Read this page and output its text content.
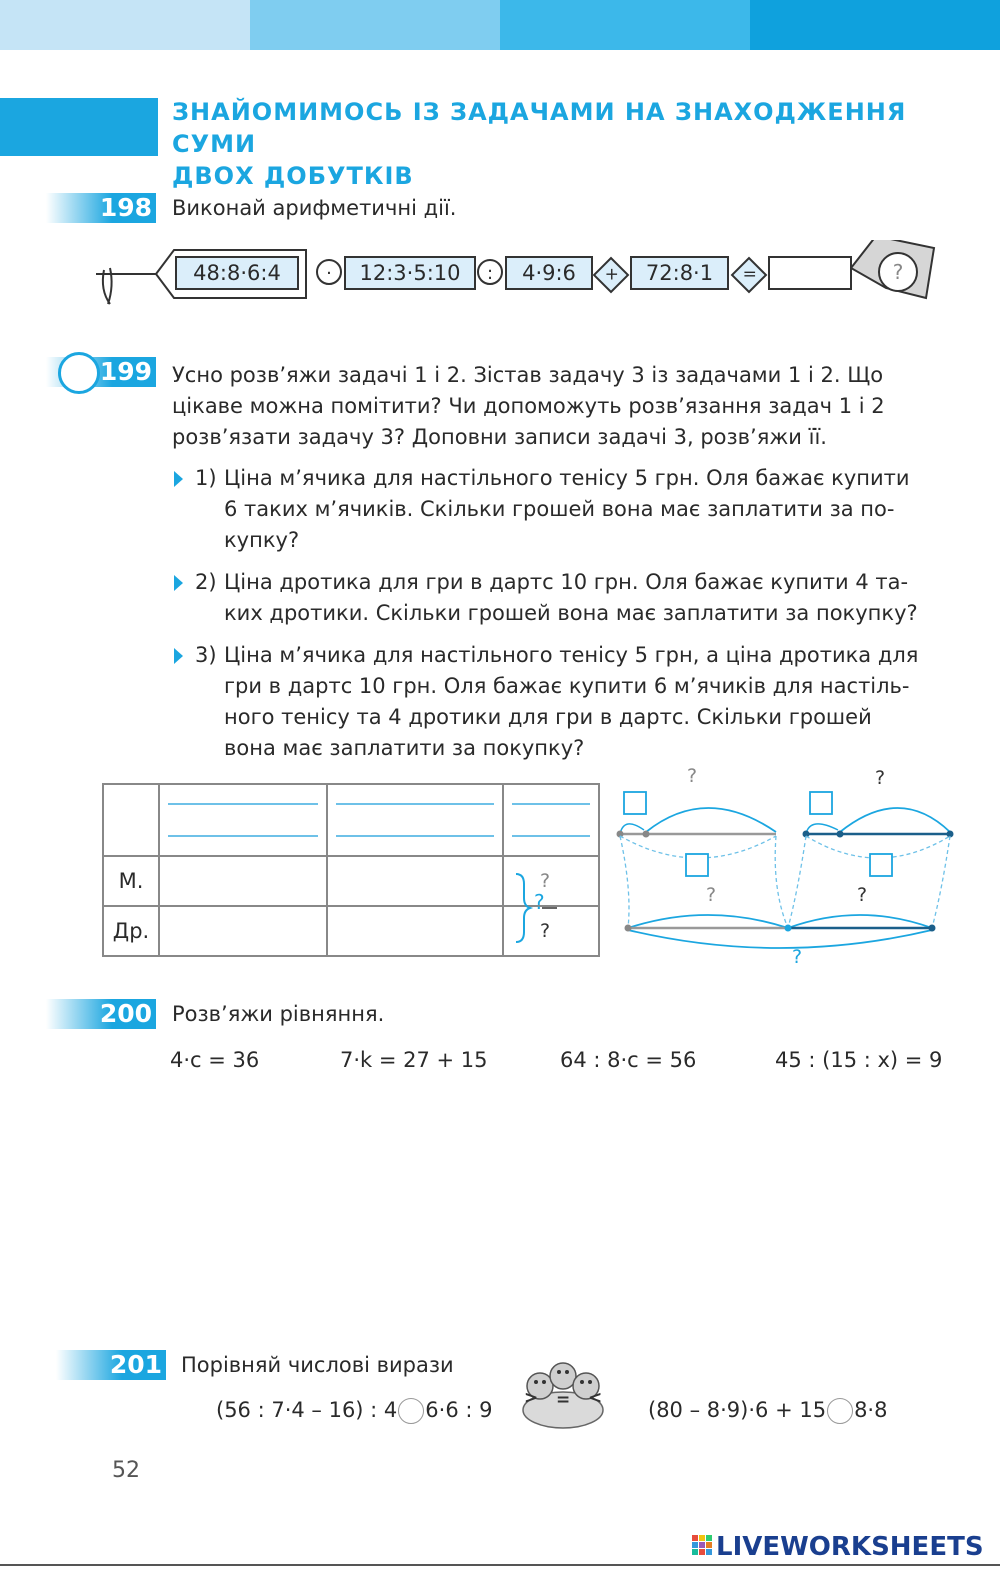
ЗНАЙОМИМОСЬ ІЗ ЗАДАЧАМИ НА ЗНАХОДЖЕННЯ СУМИ
ДВОХ ДОБУТКІВ
198 Виконай арифметичні дії.
48:8·6:4	·	12:3·5:10	:	4·9:6	+	72:8·1	=	?
199 Усно розв’яжи задачі 1 і 2. Зістав задачу 3 із задачами 1 і 2. Що
цікаве можна помітити? Чи допоможуть розв’язання задач 1 і 2
розв’язати задачу 3? Доповни записи задачі 3, розв’яжи її.
1) Ціна м’ячика для настільного тенісу 5 грн. Оля бажає купити
6 таких м’ячиків. Скільки грошей вона має заплатити за по-
купку?
2) Ціна дротика для гри в дартс 10 грн. Оля бажає купити 4 та-
ких дротики. Скільки грошей вона має заплатити за покупку?
3) Ціна м’ячика для настільного тенісу 5 грн, а ціна дротика для
гри в дартс 10 грн. Оля бажає купити 6 м’ячиків для настіль-
ного тенісу та 4 дротики для гри в дартс. Скільки грошей
вона має заплатити за покупку?

М.			?
Др.			?
?
?	?
?	?
?
200 Розв’яжи рівняння.
4·c = 36	7·k = 27 + 15	64 : 8·c = 56	45 : (15 : x) = 9
201 Порівняй числові вирази
(56 : 7·4 – 16) : 4 6·6 : 9 > = < (80 – 8·9)·6 + 15 8·8
52
LIVEWORKSHEETS
